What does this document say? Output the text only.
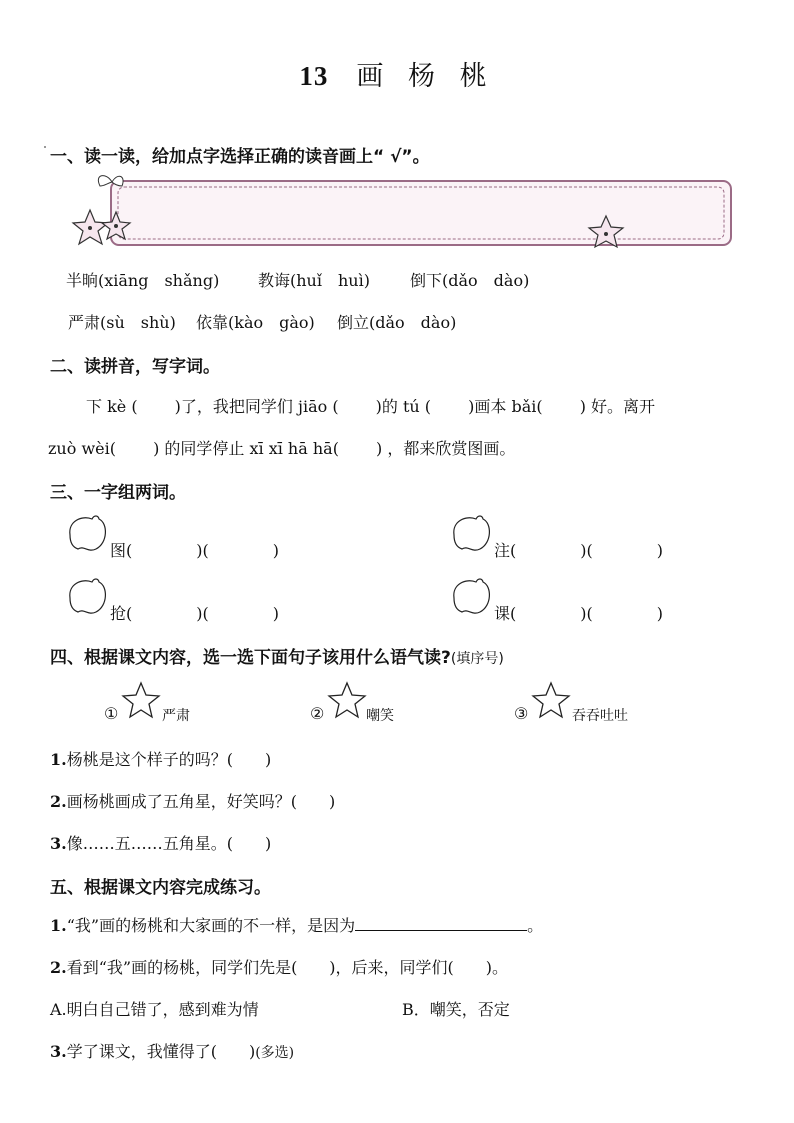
13 画 杨 桃
一、读一读，给加点字选择正确的读音画上“ √”。
半晌(xiāng　shǎng) 教诲(huǐ　huì)	倒下(dǎo　dào)
严肃(sù　shù) 依靠(kào　gào) 倒立(dǎo　dào)
二、读拼音，写字词。
下 kè (　　 )了，我把同学们 jiāo (　　 )的 tú (　　 )画本 bǎi(　　 ) 好。离开
zuò wèi(　　 ) 的同学停止 xī xī hā hā(　　 ) ，都来欣赏图画。
三、一字组两词。
图(　　　　)(　　　　)	注(　　　　)(　　　　)
抢(　　　　)(　　　　)	课(　　　　)(　　　　)
四、根据课文内容，选一选下面句子该用什么语气读?(填序号)
①	严肃	②	嘲笑	③	吞吞吐吐
1.杨桃是这个样子的吗？(　　)
2.画杨桃画成了五角星，好笑吗？(　　)
3.像……五……五角星。(　　)
五、根据课文内容完成练习。
1.“我”画的杨桃和大家画的不一样，是因为	。
2.看到“我”画的杨桃，同学们先是(　　)，后来，同学们(　　)。
A.明白自己错了，感到难为情	B．嘲笑，否定
3.学了课文，我懂得了(　　)(多选)
